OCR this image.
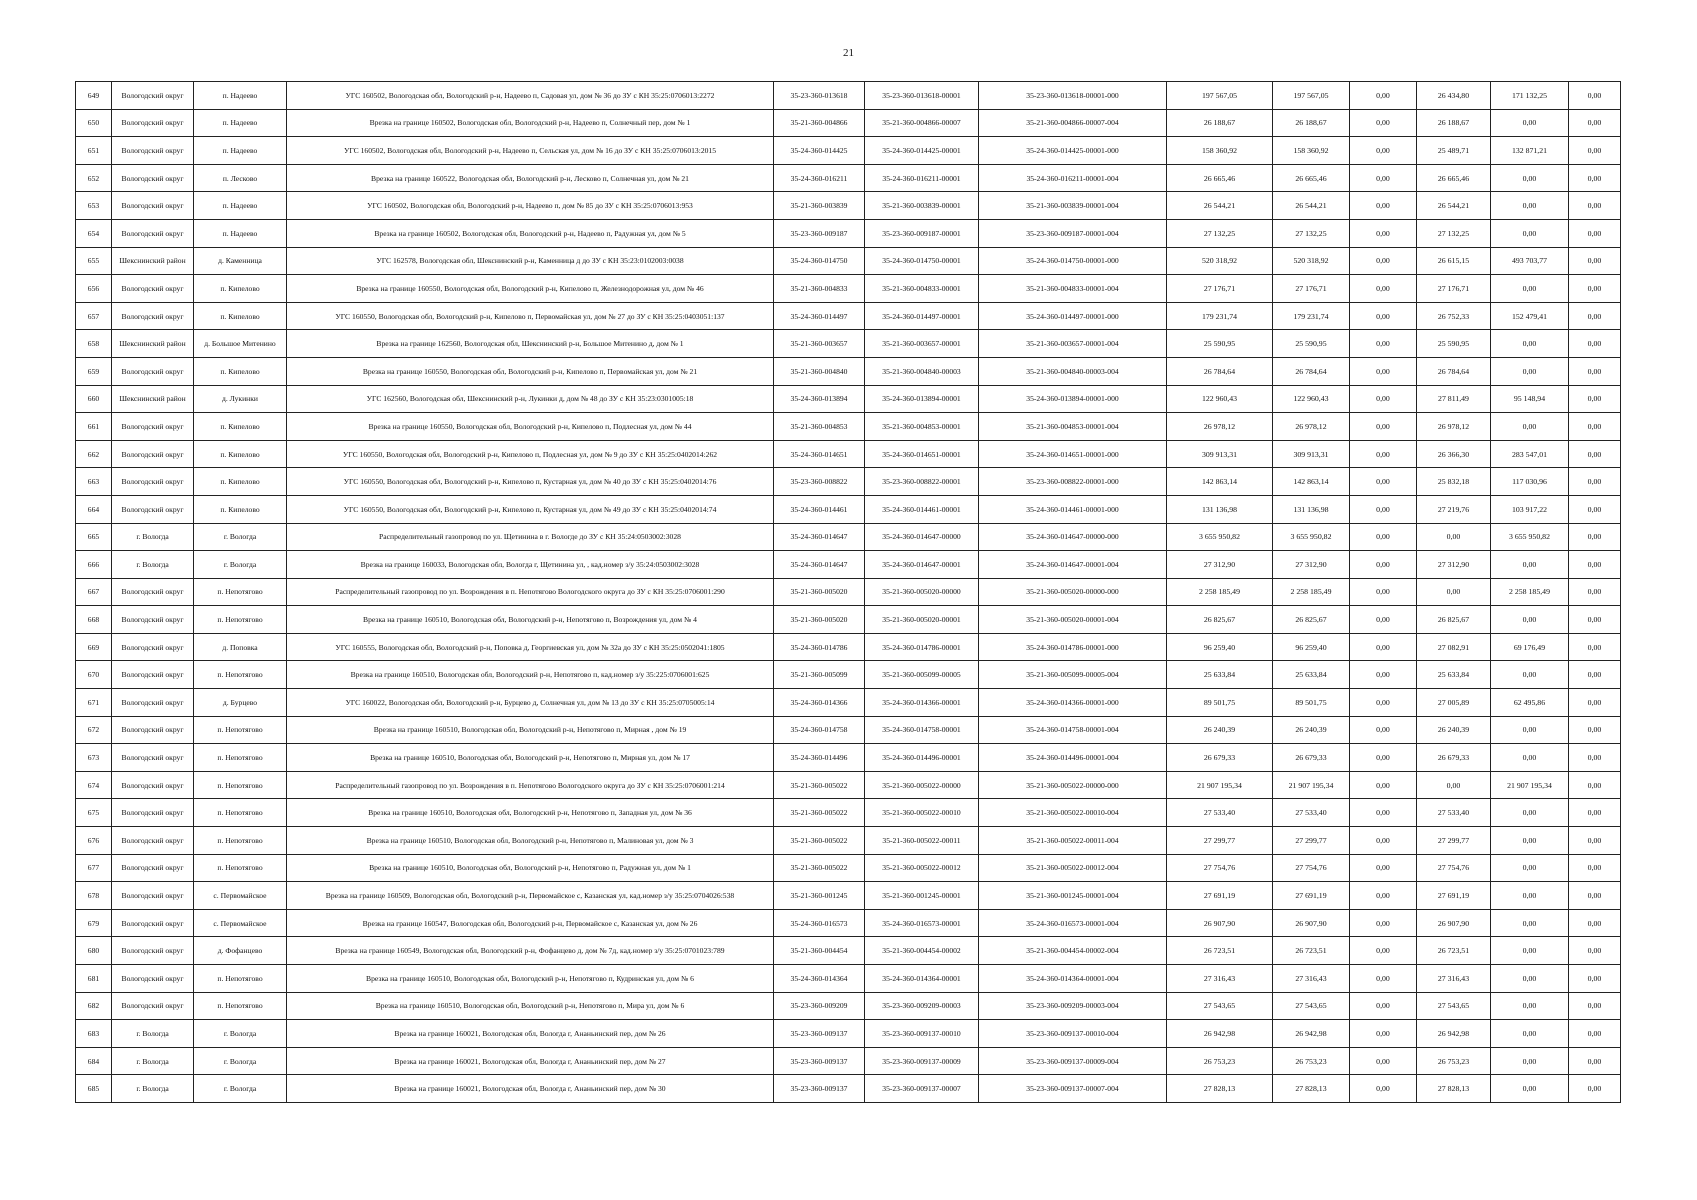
21
649	Вологодский округ	п. Надеево	УГС 160502, Вологодская обл, Вологодский р-н, Надеево п, Садовая ул, дом № 36 до ЗУ с КН 35:25:0706013:2272	35-23-360-013618	35-23-360-013618-00001	35-23-360-013618-00001-000	197 567,05	197 567,05	0,00	26 434,80	171 132,25	0,00
650	Вологодский округ	п. Надеево	Врезка на границе 160502, Вологодская обл, Вологодский р-н, Надеево п, Солнечный пер, дом № 1	35-21-360-004866	35-21-360-004866-00007	35-21-360-004866-00007-004	26 188,67	26 188,67	0,00	26 188,67	0,00	0,00
651	Вологодский округ	п. Надеево	УГС 160502, Вологодская обл, Вологодский р-н, Надеево п, Сельская ул, дом № 16 до ЗУ с КН 35:25:0706013:2015	35-24-360-014425	35-24-360-014425-00001	35-24-360-014425-00001-000	158 360,92	158 360,92	0,00	25 489,71	132 871,21	0,00
652	Вологодский округ	п. Лесково	Врезка на границе 160522, Вологодская обл, Вологодский р-н, Лесково п, Солнечная ул, дом № 21	35-24-360-016211	35-24-360-016211-00001	35-24-360-016211-00001-004	26 665,46	26 665,46	0,00	26 665,46	0,00	0,00
653	Вологодский округ	п. Надеево	УГС 160502, Вологодская обл, Вологодский р-н, Надеево п, дом № 85 до ЗУ с КН 35:25:0706013:953	35-21-360-003839	35-21-360-003839-00001	35-21-360-003839-00001-004	26 544,21	26 544,21	0,00	26 544,21	0,00	0,00
654	Вологодский округ	п. Надеево	Врезка на границе 160502, Вологодская обл, Вологодский р-н, Надеево п, Радужная ул, дом № 5	35-23-360-009187	35-23-360-009187-00001	35-23-360-009187-00001-004	27 132,25	27 132,25	0,00	27 132,25	0,00	0,00
655	Шекснинский район	д. Каменница	УГС 162578, Вологодская обл, Шекснинский р-н, Каменница д до ЗУ с КН 35:23:0102003:0038	35-24-360-014750	35-24-360-014750-00001	35-24-360-014750-00001-000	520 318,92	520 318,92	0,00	26 615,15	493 703,77	0,00
656	Вологодский округ	п. Кипелово	Врезка на границе 160550, Вологодская обл, Вологодский р-н, Кипелово п, Железнодорожная ул, дом № 46	35-21-360-004833	35-21-360-004833-00001	35-21-360-004833-00001-004	27 176,71	27 176,71	0,00	27 176,71	0,00	0,00
657	Вологодский округ	п. Кипелово	УГС 160550, Вологодская обл, Вологодский р-н, Кипелово п, Первомайская ул, дом № 27 до ЗУ с КН 35:25:0403051:137	35-24-360-014497	35-24-360-014497-00001	35-24-360-014497-00001-000	179 231,74	179 231,74	0,00	26 752,33	152 479,41	0,00
658	Шекснинский район	д. Большое Митенино	Врезка на границе 162560, Вологодская обл, Шекснинский р-н, Большое Митенино д, дом № 1	35-21-360-003657	35-21-360-003657-00001	35-21-360-003657-00001-004	25 590,95	25 590,95	0,00	25 590,95	0,00	0,00
659	Вологодский округ	п. Кипелово	Врезка на границе 160550, Вологодская обл, Вологодский р-н, Кипелово п, Первомайская ул, дом № 21	35-21-360-004840	35-21-360-004840-00003	35-21-360-004840-00003-004	26 784,64	26 784,64	0,00	26 784,64	0,00	0,00
660	Шекснинский район	д. Лукинки	УГС 162560, Вологодская обл, Шекснинский р-н, Лукинки д, дом № 48 до ЗУ с КН 35:23:0301005:18	35-24-360-013894	35-24-360-013894-00001	35-24-360-013894-00001-000	122 960,43	122 960,43	0,00	27 811,49	95 148,94	0,00
661	Вологодский округ	п. Кипелово	Врезка на границе 160550, Вологодская обл, Вологодский р-н, Кипелово п, Подлесная ул, дом № 44	35-21-360-004853	35-21-360-004853-00001	35-21-360-004853-00001-004	26 978,12	26 978,12	0,00	26 978,12	0,00	0,00
662	Вологодский округ	п. Кипелово	УГС 160550, Вологодская обл, Вологодский р-н, Кипелово п, Подлесная ул, дом № 9 до ЗУ с КН 35:25:0402014:262	35-24-360-014651	35-24-360-014651-00001	35-24-360-014651-00001-000	309 913,31	309 913,31	0,00	26 366,30	283 547,01	0,00
663	Вологодский округ	п. Кипелово	УГС 160550, Вологодская обл, Вологодский р-н, Кипелово п, Кустарная ул, дом № 40 до ЗУ с КН 35:25:0402014:76	35-23-360-008822	35-23-360-008822-00001	35-23-360-008822-00001-000	142 863,14	142 863,14	0,00	25 832,18	117 030,96	0,00
664	Вологодский округ	п. Кипелово	УГС 160550, Вологодская обл, Вологодский р-н, Кипелово п, Кустарная ул, дом № 49 до ЗУ с КН 35:25:0402014:74	35-24-360-014461	35-24-360-014461-00001	35-24-360-014461-00001-000	131 136,98	131 136,98	0,00	27 219,76	103 917,22	0,00
665	г. Вологда	г. Вологда	Распределительный газопровод по ул. Щетинина в г. Вологде до ЗУ с КН 35:24:0503002:3028	35-24-360-014647	35-24-360-014647-00000	35-24-360-014647-00000-000	3 655 950,82	3 655 950,82	0,00	0,00	3 655 950,82	0,00
666	г. Вологда	г. Вологда	Врезка на границе 160033, Вологодская обл, Вологда г, Щетинина ул, , кад.номер з/у 35:24:0503002:3028	35-24-360-014647	35-24-360-014647-00001	35-24-360-014647-00001-004	27 312,90	27 312,90	0,00	27 312,90	0,00	0,00
667	Вологодский округ	п. Непотягово	Распределительный газопровод по ул. Возрождения в п. Непотягово Вологодского округа до ЗУ с КН 35:25:0706001:290	35-21-360-005020	35-21-360-005020-00000	35-21-360-005020-00000-000	2 258 185,49	2 258 185,49	0,00	0,00	2 258 185,49	0,00
668	Вологодский округ	п. Непотягово	Врезка на границе 160510, Вологодская обл, Вологодский р-н, Непотягово п, Возрождения ул, дом № 4	35-21-360-005020	35-21-360-005020-00001	35-21-360-005020-00001-004	26 825,67	26 825,67	0,00	26 825,67	0,00	0,00
669	Вологодский округ	д. Поповка	УГС 160555, Вологодская обл, Вологодский р-н, Поповка д, Георгиевская ул, дом № 32а до ЗУ с КН 35:25:0502041:1805	35-24-360-014786	35-24-360-014786-00001	35-24-360-014786-00001-000	96 259,40	96 259,40	0,00	27 082,91	69 176,49	0,00
670	Вологодский округ	п. Непотягово	Врезка на границе 160510, Вологодская обл, Вологодский р-н, Непотягово п, кад.номер з/у 35:225:0706001:625	35-21-360-005099	35-21-360-005099-00005	35-21-360-005099-00005-004	25 633,84	25 633,84	0,00	25 633,84	0,00	0,00
671	Вологодский округ	д. Бурцево	УГС 160022, Вологодская обл, Вологодский р-н, Бурцево д, Солнечная ул, дом № 13 до ЗУ с КН 35:25:0705005:14	35-24-360-014366	35-24-360-014366-00001	35-24-360-014366-00001-000	89 501,75	89 501,75	0,00	27 005,89	62 495,86	0,00
672	Вологодский округ	п. Непотягово	Врезка на границе 160510, Вологодская обл, Вологодский р-н, Непотягово п, Мирная , дом № 19	35-24-360-014758	35-24-360-014758-00001	35-24-360-014758-00001-004	26 240,39	26 240,39	0,00	26 240,39	0,00	0,00
673	Вологодский округ	п. Непотягово	Врезка на границе 160510, Вологодская обл, Вологодский р-н, Непотягово п, Мирная ул, дом № 17	35-24-360-014496	35-24-360-014496-00001	35-24-360-014496-00001-004	26 679,33	26 679,33	0,00	26 679,33	0,00	0,00
674	Вологодский округ	п. Непотягово	Распределительный газопровод по ул. Возрождения в п. Непотягово Вологодского округа до ЗУ с КН 35:25:0706001:214	35-21-360-005022	35-21-360-005022-00000	35-21-360-005022-00000-000	21 907 195,34	21 907 195,34	0,00	0,00	21 907 195,34	0,00
675	Вологодский округ	п. Непотягово	Врезка на границе 160510, Вологодская обл, Вологодский р-н, Непотягово п, Западная ул, дом № 36	35-21-360-005022	35-21-360-005022-00010	35-21-360-005022-00010-004	27 533,40	27 533,40	0,00	27 533,40	0,00	0,00
676	Вологодский округ	п. Непотягово	Врезка на границе 160510, Вологодская обл, Вологодский р-н, Непотягово п, Малиновая ул, дом № 3	35-21-360-005022	35-21-360-005022-00011	35-21-360-005022-00011-004	27 299,77	27 299,77	0,00	27 299,77	0,00	0,00
677	Вологодский округ	п. Непотягово	Врезка на границе 160510, Вологодская обл, Вологодский р-н, Непотягово п, Радужная ул, дом № 1	35-21-360-005022	35-21-360-005022-00012	35-21-360-005022-00012-004	27 754,76	27 754,76	0,00	27 754,76	0,00	0,00
678	Вологодский округ	с. Первомайское	Врезка на границе 160509, Вологодская обл, Вологодский р-н, Первомайское с, Казанская ул, кад.номер з/у 35:25:0704026:538	35-21-360-001245	35-21-360-001245-00001	35-21-360-001245-00001-004	27 691,19	27 691,19	0,00	27 691,19	0,00	0,00
679	Вологодский округ	с. Первомайское	Врезка на границе 160547, Вологодская обл, Вологодский р-н, Первомайское с, Казанская ул, дом № 26	35-24-360-016573	35-24-360-016573-00001	35-24-360-016573-00001-004	26 907,90	26 907,90	0,00	26 907,90	0,00	0,00
680	Вологодский округ	д. Фофанцево	Врезка на границе 160549, Вологодская обл, Вологодский р-н, Фофанцево д, дом № 7д, кад.номер з/у 35:25:0701023:789	35-21-360-004454	35-21-360-004454-00002	35-21-360-004454-00002-004	26 723,51	26 723,51	0,00	26 723,51	0,00	0,00
681	Вологодский округ	п. Непотягово	Врезка на границе 160510, Вологодская обл, Вологодский р-н, Непотягово п, Кудринская ул, дом № 6	35-24-360-014364	35-24-360-014364-00001	35-24-360-014364-00001-004	27 316,43	27 316,43	0,00	27 316,43	0,00	0,00
682	Вологодский округ	п. Непотягово	Врезка на границе 160510, Вологодская обл, Вологодский р-н, Непотягово п, Мира ул, дом № 6	35-23-360-009209	35-23-360-009209-00003	35-23-360-009209-00003-004	27 543,65	27 543,65	0,00	27 543,65	0,00	0,00
683	г. Вологда	г. Вологда	Врезка на границе 160021, Вологодская обл, Вологда г, Ананьинский пер, дом № 26	35-23-360-009137	35-23-360-009137-00010	35-23-360-009137-00010-004	26 942,98	26 942,98	0,00	26 942,98	0,00	0,00
684	г. Вологда	г. Вологда	Врезка на границе 160021, Вологодская обл, Вологда г, Ананьинский пер, дом № 27	35-23-360-009137	35-23-360-009137-00009	35-23-360-009137-00009-004	26 753,23	26 753,23	0,00	26 753,23	0,00	0,00
685	г. Вологда	г. Вологда	Врезка на границе 160021, Вологодская обл, Вологда г, Ананьинский пер, дом № 30	35-23-360-009137	35-23-360-009137-00007	35-23-360-009137-00007-004	27 828,13	27 828,13	0,00	27 828,13	0,00	0,00
